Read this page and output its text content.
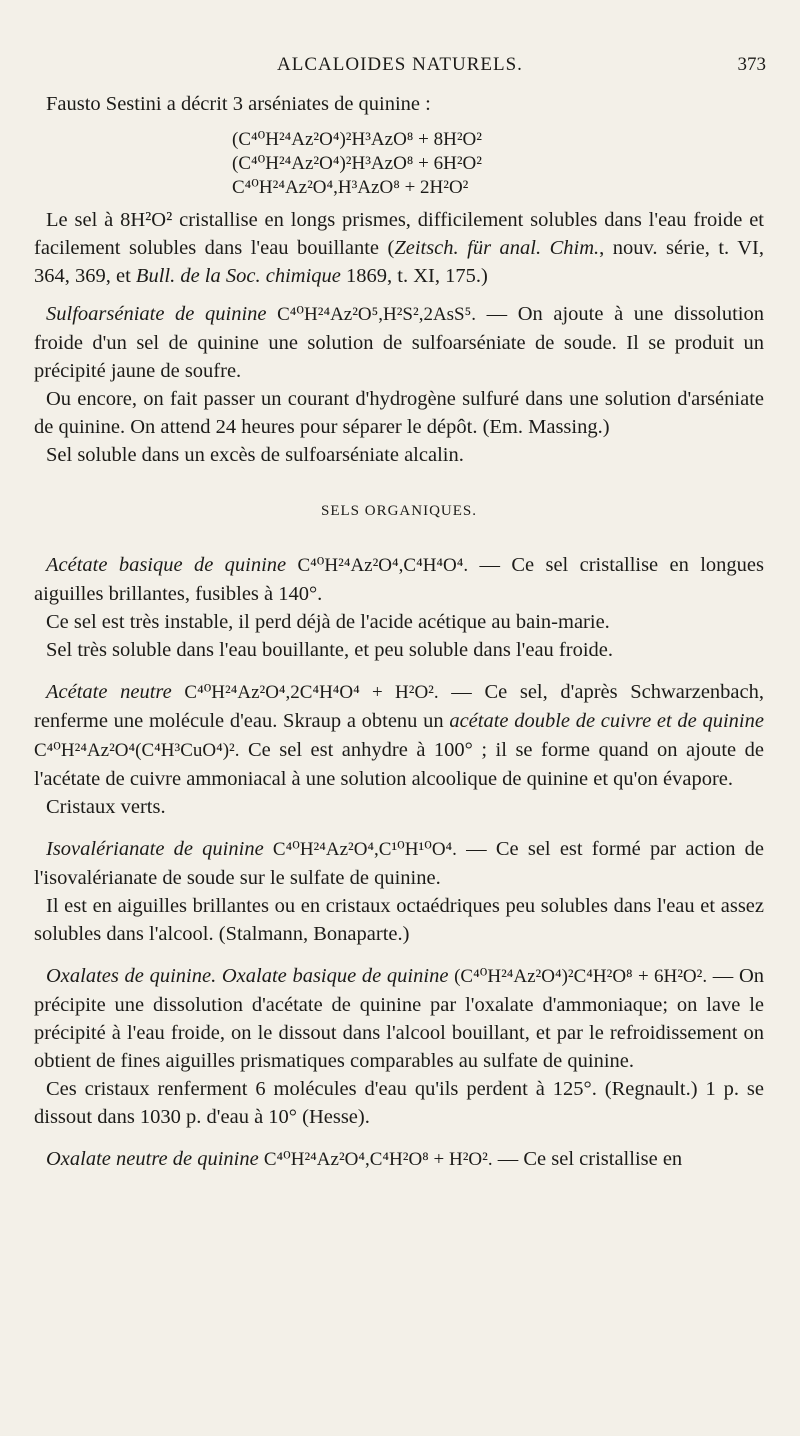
ALCALOIDES NATURELS.	373

Fausto Sestini a décrit 3 arséniates de quinine :

(C⁴⁰H²⁴Az²O⁴)²H³AzO⁸ + 8H²O²
(C⁴⁰H²⁴Az²O⁴)²H³AzO⁸ + 6H²O²
C⁴⁰H²⁴Az²O⁴,H³AzO⁸ + 2H²O²

Le sel à 8H²O² cristallise en longs prismes, difficilement solubles dans l'eau froide et facilement solubles dans l'eau bouillante (Zeitsch. für anal. Chim., nouv. série, t. VI, 364, 369, et Bull. de la Soc. chimique 1869, t. XI, 175.)

Sulfoarséniate de quinine C⁴⁰H²⁴Az²O⁵,H²S²,2AsS⁵. — On ajoute à une dissolution froide d'un sel de quinine une solution de sulfoarséniate de soude. Il se produit un précipité jaune de soufre.

Ou encore, on fait passer un courant d'hydrogène sulfuré dans une solution d'arséniate de quinine. On attend 24 heures pour séparer le dépôt. (Em. Massing.)

Sel soluble dans un excès de sulfoarséniate alcalin.

SELS ORGANIQUES.

Acétate basique de quinine C⁴⁰H²⁴Az²O⁴,C⁴H⁴O⁴. — Ce sel cristallise en longues aiguilles brillantes, fusibles à 140°.

Ce sel est très instable, il perd déjà de l'acide acétique au bain-marie.

Sel très soluble dans l'eau bouillante, et peu soluble dans l'eau froide.

Acétate neutre C⁴⁰H²⁴Az²O⁴,2C⁴H⁴O⁴ + H²O². — Ce sel, d'après Schwarzenbach, renferme une molécule d'eau. Skraup a obtenu un acétate double de cuivre et de quinine C⁴⁰H²⁴Az²O⁴(C⁴H³CuO⁴)². Ce sel est anhydre à 100° ; il se forme quand on ajoute de l'acétate de cuivre ammoniacal à une solution alcoolique de quinine et qu'on évapore.

Cristaux verts.

Isovalérianate de quinine C⁴⁰H²⁴Az²O⁴,C¹⁰H¹⁰O⁴. — Ce sel est formé par action de l'isovalérianate de soude sur le sulfate de quinine.

Il est en aiguilles brillantes ou en cristaux octaédriques peu solubles dans l'eau et assez solubles dans l'alcool. (Stalmann, Bonaparte.)

Oxalates de quinine. Oxalate basique de quinine (C⁴⁰H²⁴Az²O⁴)²C⁴H²O⁸ + 6H²O². — On précipite une dissolution d'acétate de quinine par l'oxalate d'ammoniaque; on lave le précipité à l'eau froide, on le dissout dans l'alcool bouillant, et par le refroidissement on obtient de fines aiguilles prismatiques comparables au sulfate de quinine.

Ces cristaux renferment 6 molécules d'eau qu'ils perdent à 125°. (Regnault.) 1 p. se dissout dans 1030 p. d'eau à 10° (Hesse).

Oxalate neutre de quinine C⁴⁰H²⁴Az²O⁴,C⁴H²O⁸ + H²O². — Ce sel cristallise en
